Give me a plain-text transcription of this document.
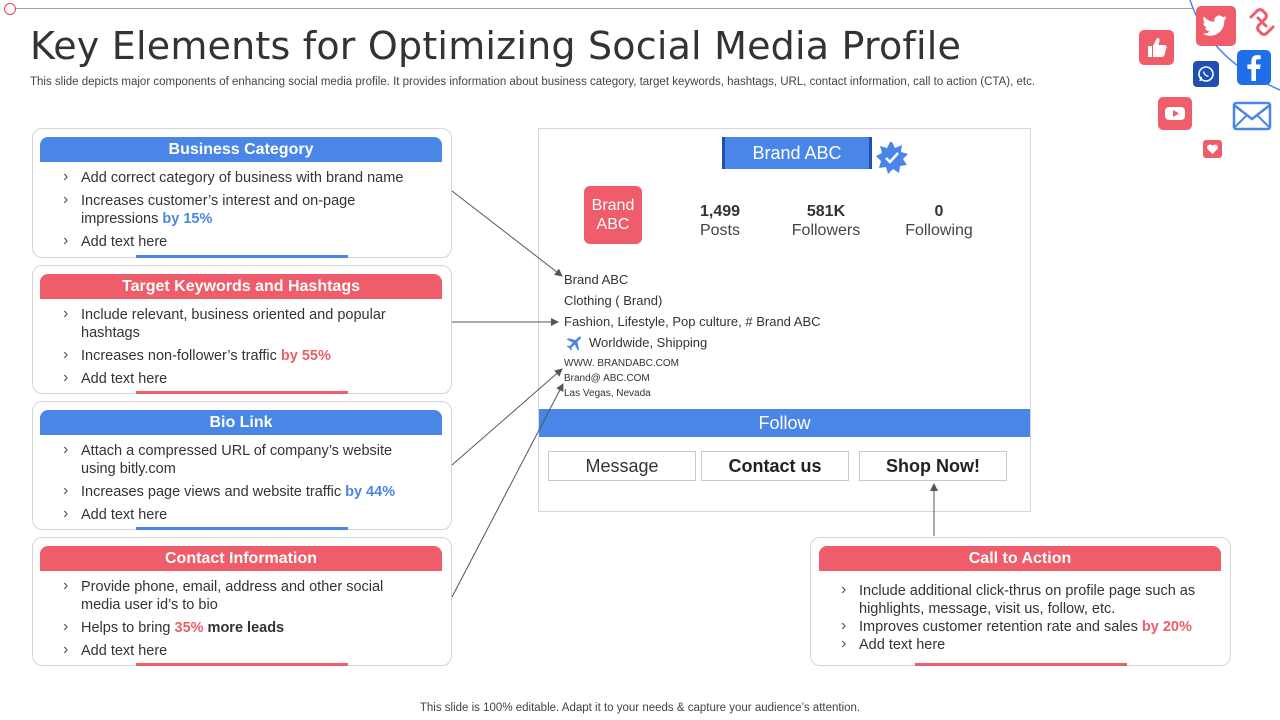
Key Elements for Optimizing Social Media Profile
This slide depicts major components of enhancing social media profile. It provides information about business category, target keywords, hashtags, URL, contact information, call to action (CTA), etc.
Business Category
› Add correct category of business with brand name
› Increases customer’s interest and on-page impressions by 15%
› Add text here
Target Keywords and Hashtags
› Include relevant, business oriented and popular hashtags
› Increases non-follower’s traffic by 55%
› Add text here
Bio Link
› Attach a compressed URL of company’s website using bitly.com
› Increases page views and website traffic by 44%
› Add text here
Contact Information
› Provide phone, email, address and other social media user id’s to bio
› Helps to bring 35% more leads
› Add text here
Brand ABC
Brand
ABC
1,499
Posts
581K
Followers
0
Following
Brand ABC
Clothing ( Brand)
Fashion, Lifestyle, Pop culture, # Brand ABC
Worldwide, Shipping
WWW. BRANDABC.COM
Brand@ ABC.COM
Las Vegas, Nevada
Follow
Message	Contact us	Shop Now!
Call to Action
› Include additional click-thrus on profile page such as highlights, message, visit us, follow, etc.
› Improves customer retention rate and sales by 20%
› Add text here
This slide is 100% editable. Adapt it to your needs & capture your audience’s attention.
